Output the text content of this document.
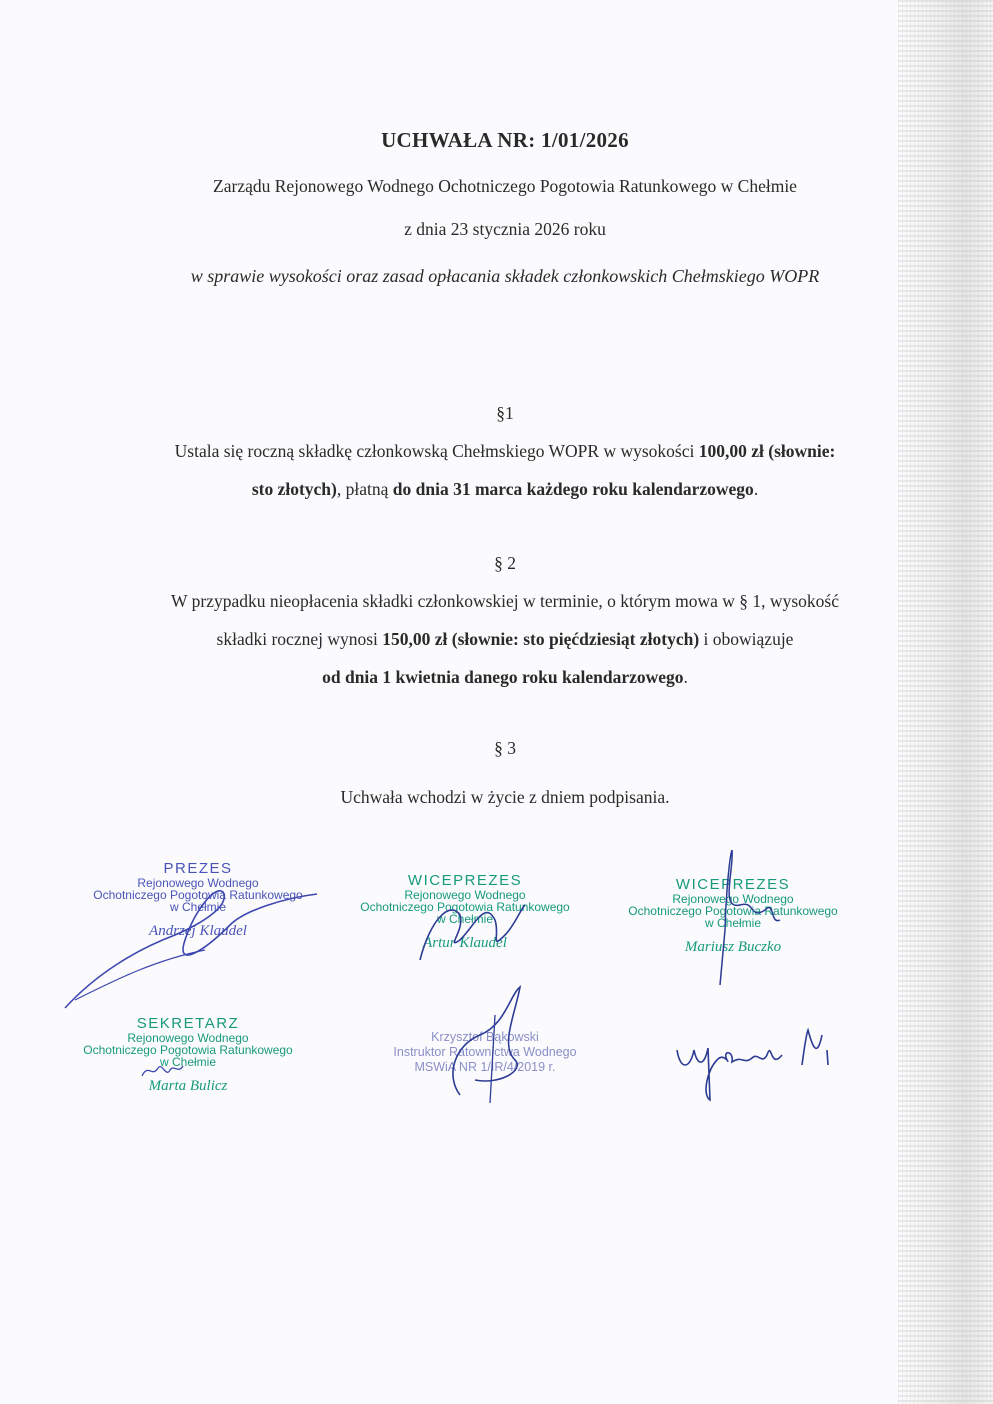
UCHWAŁA NR: 1/01/2026
Zarządu Rejonowego Wodnego Ochotniczego Pogotowia Ratunkowego w Chełmie
z dnia 23 stycznia 2026 roku
w sprawie wysokości oraz zasad opłacania składek członkowskich Chełmskiego WOPR
§1
Ustala się roczną składkę członkowską Chełmskiego WOPR w wysokości 100,00 zł (słownie:
sto złotych), płatną do dnia 31 marca każdego roku kalendarzowego.
§ 2
W przypadku nieopłacenia składki członkowskiej w terminie, o którym mowa w § 1, wysokość
składki rocznej wynosi 150,00 zł (słownie: sto pięćdziesiąt złotych) i obowiązuje
od dnia 1 kwietnia danego roku kalendarzowego.
§ 3
Uchwała wchodzi w życie z dniem podpisania.
PREZES
Rejonowego Wodnego
Ochotniczego Pogotowia Ratunkowego
w Chełmie
Andrzej Klaudel
WICEPREZES
Rejonowego Wodnego
Ochotniczego Pogotowia Ratunkowego
w Chełmie
Artur Klaudel
WICEPREZES
Rejonowego Wodnego
Ochotniczego Pogotowia Ratunkowego
w Chełmie
Mariusz Buczko
SEKRETARZ
Rejonowego Wodnego
Ochotniczego Pogotowia Ratunkowego
w Chełmie
Marta Bulicz
Krzysztof Bąkowski
Instruktor Ratownictwa Wodnego
MSWiA NR 1/IR/4/2019 r.
